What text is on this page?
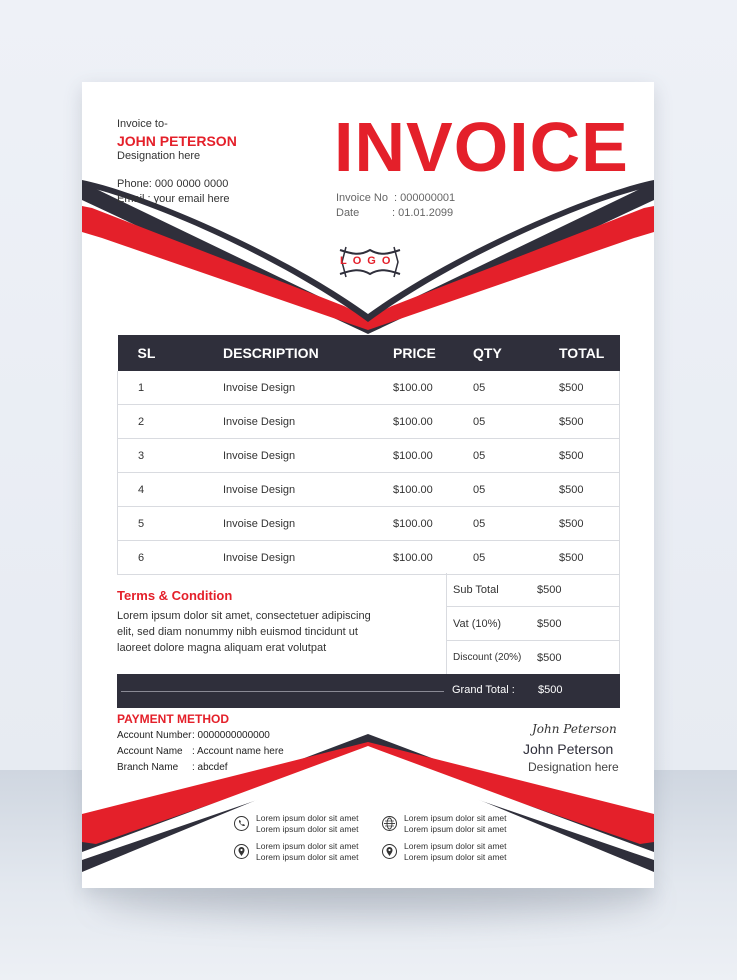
Invoice to-
JOHN PETERSON
Designation here
Phone: 000 0000 0000
Email : your email here
INVOICE
Invoice No : 000000001
Date	: 01.01.2099
LOGO
SL	DESCRIPTION	PRICE	QTY	TOTAL
1	Invoise Design	$100.00	05	$500
2	Invoise Design	$100.00	05	$500
3	Invoise Design	$100.00	05	$500
4	Invoise Design	$100.00	05	$500
5	Invoise Design	$100.00	05	$500
6	Invoise Design	$100.00	05	$500
Terms & Condition
Lorem ipsum dolor sit amet, consectetuer adipiscing elit, sed diam nonummy nibh euismod tincidunt ut laoreet dolore magna aliquam erat volutpat
Sub Total	$500
Vat (10%)	$500
Discount (20%)	$500
Grand Total : $500
PAYMENT METHOD
Account Number : 0000000000000
Account Name : Account name here
Branch Name : abcdef
John Peterson
John Peterson
Designation here
Lorem ipsum dolor sit amet
Lorem ipsum dolor sit amet
Lorem ipsum dolor sit amet
Lorem ipsum dolor sit amet
Lorem ipsum dolor sit amet
Lorem ipsum dolor sit amet
Lorem ipsum dolor sit amet
Lorem ipsum dolor sit amet
